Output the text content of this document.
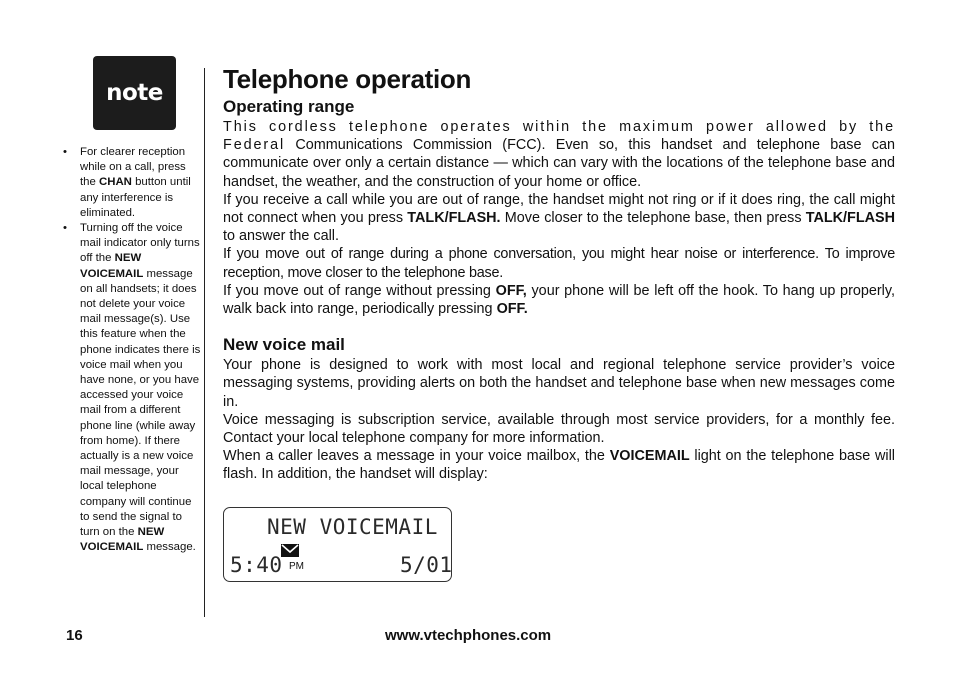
note
• For clearer reception while on a call, press the CHAN button until any interference is eliminated.
• Turning off the voice mail indicator only turns off the NEW VOICEMAIL message on all handsets; it does not delete your voice mail message(s). Use this feature when the phone indicates there is voice mail when you have none, or you have accessed your voice mail from a different phone line (while away from home). If there actually is a new voice mail message, your local telephone company will continue to send the signal to turn on the NEW VOICEMAIL message.
Telephone operation
Operating range

This cordless telephone operates within the maximum power allowed by the Federal Communications Commission (FCC). Even so, this handset and telephone base can communicate over only a certain distance — which can vary with the locations of the telephone base and handset, the weather, and the construction of your home or office.

If you receive a call while you are out of range, the handset might not ring or if it does ring, the call might not connect when you press TALK/FLASH. Move closer to the telephone base, then press TALK/FLASH to answer the call.

If you move out of range during a phone conversation, you might hear noise or interference. To improve reception, move closer to the telephone base.

If you move out of range without pressing OFF, your phone will be left off the hook. To hang up properly, walk back into range, periodically pressing OFF.

New voice mail

Your phone is designed to work with most local and regional telephone service provider’s voice messaging systems, providing alerts on both the handset and telephone base when new messages come in.

Voice messaging is subscription service, available through most service providers, for a monthly fee. Contact your local telephone company for more information.

When a caller leaves a message in your voice mailbox, the VOICEMAIL light on the telephone base will flash. In addition, the handset will display:

NEW VOICEMAIL
5:40 PM	5/01
16	www.vtechphones.com
